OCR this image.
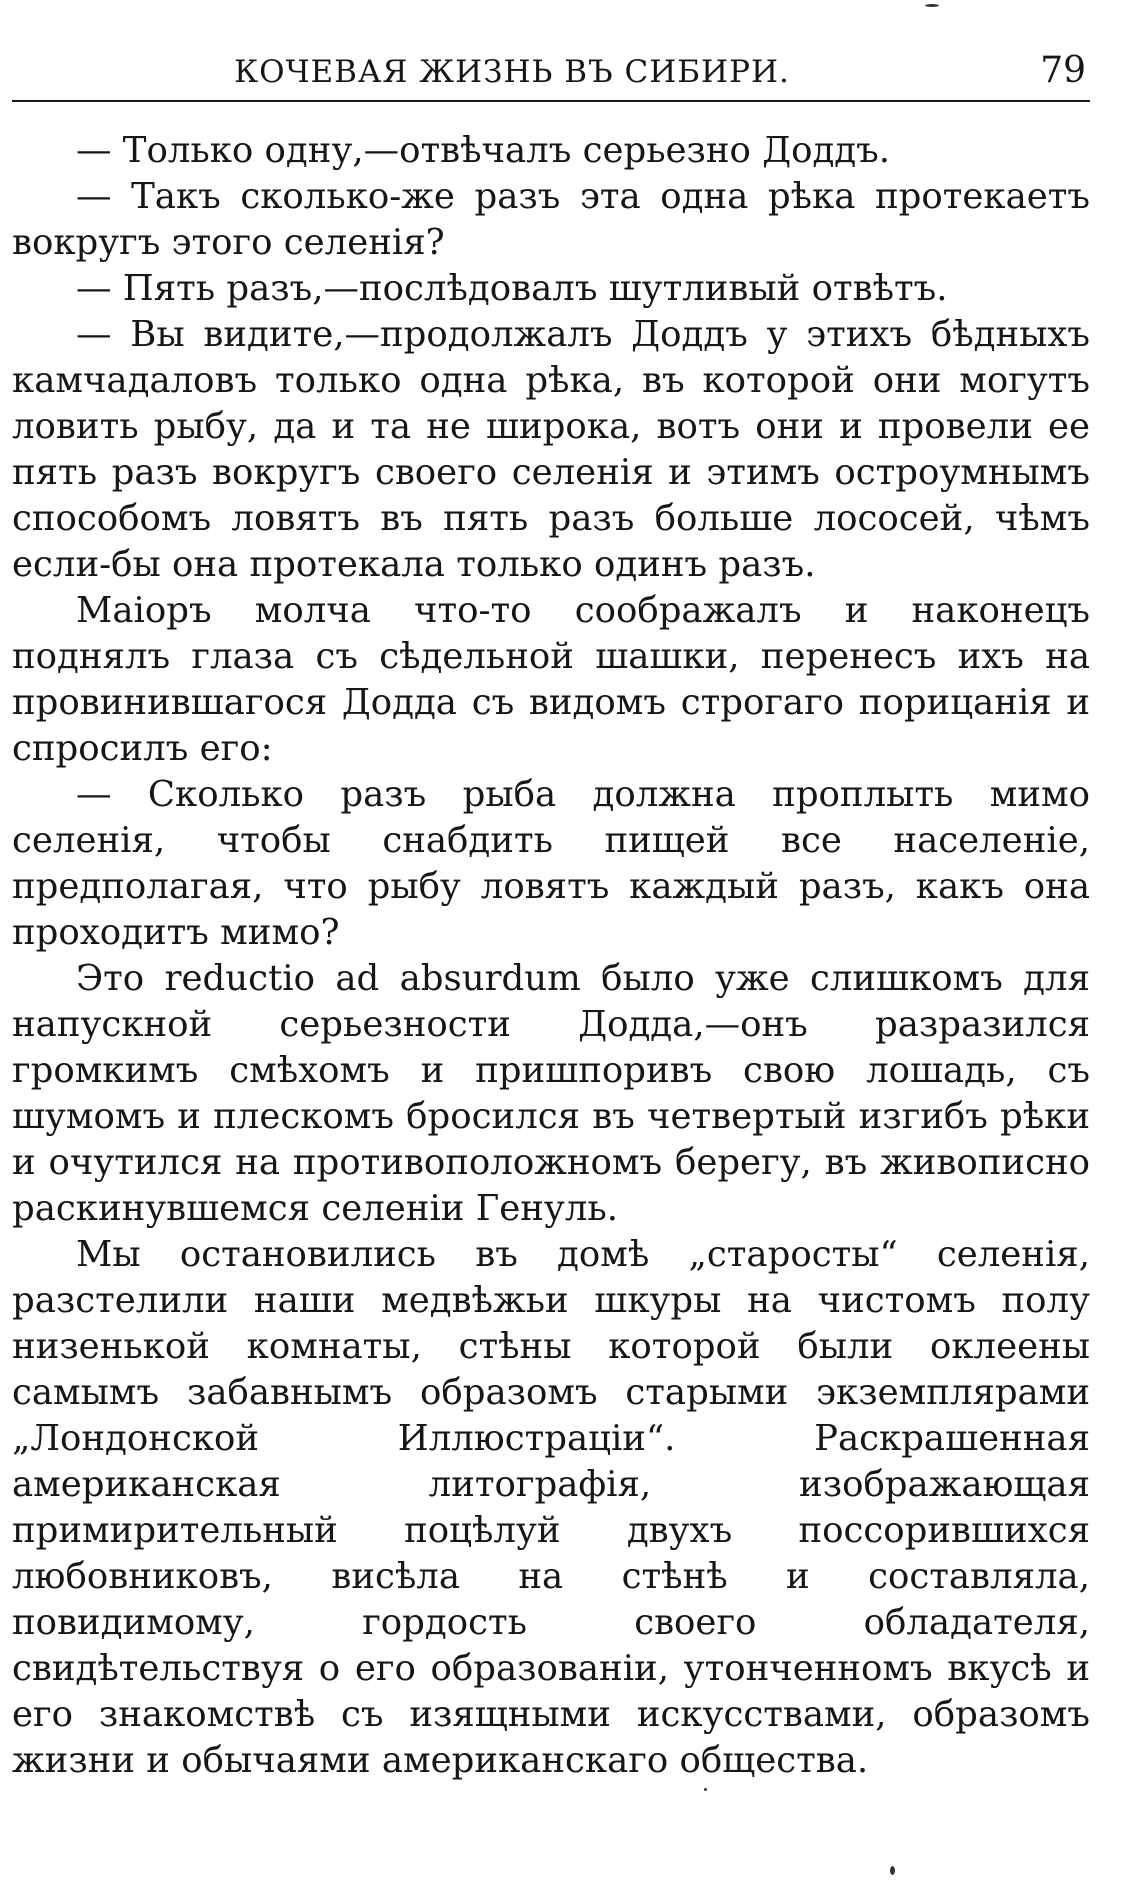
КОЧЕВАЯ ЖИЗНЬ ВЪ СИБИРИ.	79

— Только одну,—отвѣчалъ серьезно Доддъ.

— Такъ сколько-же разъ эта одна рѣка протекаетъ вокругъ этого селенія?

— Пять разъ,—послѣдовалъ шутливый отвѣтъ.

— Вы видите,—продолжалъ Доддъ у этихъ бѣдныхъ камчадаловъ только одна рѣка, въ которой они могутъ ловить рыбу, да и та не широка, вотъ они и провели ее пять разъ вокругъ своего селенія и этимъ остроумнымъ способомъ ловятъ въ пять разъ больше лососей, чѣмъ если-бы она протекала только одинъ разъ.

Маіоръ молча что-то соображалъ и наконецъ поднялъ глаза съ сѣдельной шашки, перенесъ ихъ на провинившагося Додда съ видомъ строгаго порицанія и спросилъ его:

— Сколько разъ рыба должна проплыть мимо селенія, чтобы снабдить пищей все населеніе, предполагая, что рыбу ловятъ каждый разъ, какъ она проходитъ мимо?

Это reductio ad absurdum было уже слишкомъ для напускной серьезности Додда,—онъ разразился громкимъ смѣхомъ и пришпоривъ свою лошадь, съ шумомъ и плескомъ бросился въ четвертый изгибъ рѣки и очутился на противоположномъ берегу, въ живописно раскинувшемся селеніи Генуль.

Мы остановились въ домѣ „старосты“ селенія, разстелили наши медвѣжьи шкуры на чистомъ полу низенькой комнаты, стѣны которой были оклеены самымъ забавнымъ образомъ старыми экземплярами „Лондонской Иллюстраціи“. Раскрашенная американская литографія, изображающая примирительный поцѣлуй двухъ поссорившихся любовниковъ, висѣла на стѣнѣ и составляла, повидимому, гордость своего обладателя, свидѣтельствуя о его образованіи, утонченномъ вкусѣ и его знакомствѣ съ изящными искусствами, образомъ жизни и обычаями американскаго общества.
